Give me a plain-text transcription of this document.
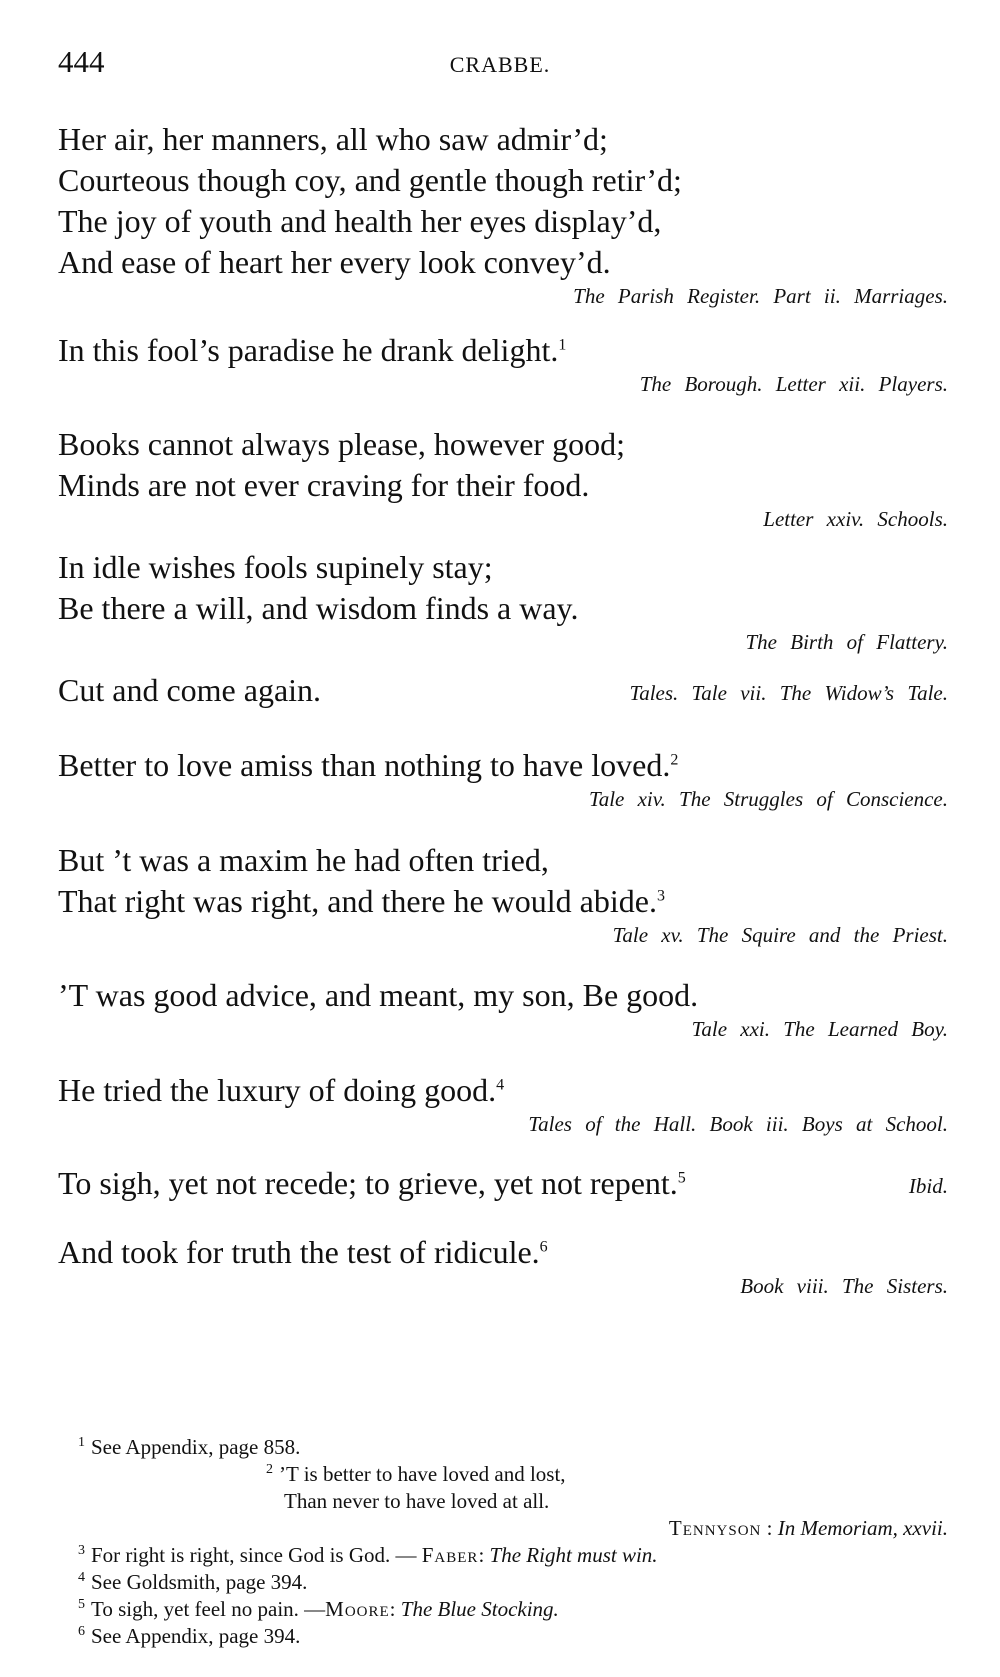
444	CRABBE.
Her air, her manners, all who saw admir’d;
Courteous though coy, and gentle though retir’d;
The joy of youth and health her eyes display’d,
And ease of heart her every look convey’d.
The Parish Register. Part ii. Marriages.
In this fool’s paradise he drank delight.$^1$
The Borough. Letter xii. Players.
Books cannot always please, however good;
Minds are not ever craving for their food.
Letter xxiv. Schools.
In idle wishes fools supinely stay;
Be there a will, and wisdom finds a way.
The Birth of Flattery.
Cut and come again.	Tales. Tale vii. The Widow’s Tale.
Better to love amiss than nothing to have loved.$^2$
Tale xiv. The Struggles of Conscience.
But ’t was a maxim he had often tried,
That right was right, and there he would abide.$^3$
Tale xv. The Squire and the Priest.
’T was good advice, and meant, my son, Be good.
Tale xxi. The Learned Boy.
He tried the luxury of doing good.$^4$
Tales of the Hall. Book iii. Boys at School.
To sigh, yet not recede; to grieve, yet not repent.$^5$	Ibid.
And took for truth the test of ridicule.$^6$
Book viii. The Sisters.
$^1$ See Appendix, page 858.
$^2$ ’T is better to have loved and lost,
Than never to have loved at all.
Tennyson : In Memoriam, xxvii.
$^3$ For right is right, since God is God. — Faber: The Right must win.
$^4$ See Goldsmith, page 394.
$^5$ To sigh, yet feel no pain. —Moore: The Blue Stocking.
$^6$ See Appendix, page 394.
